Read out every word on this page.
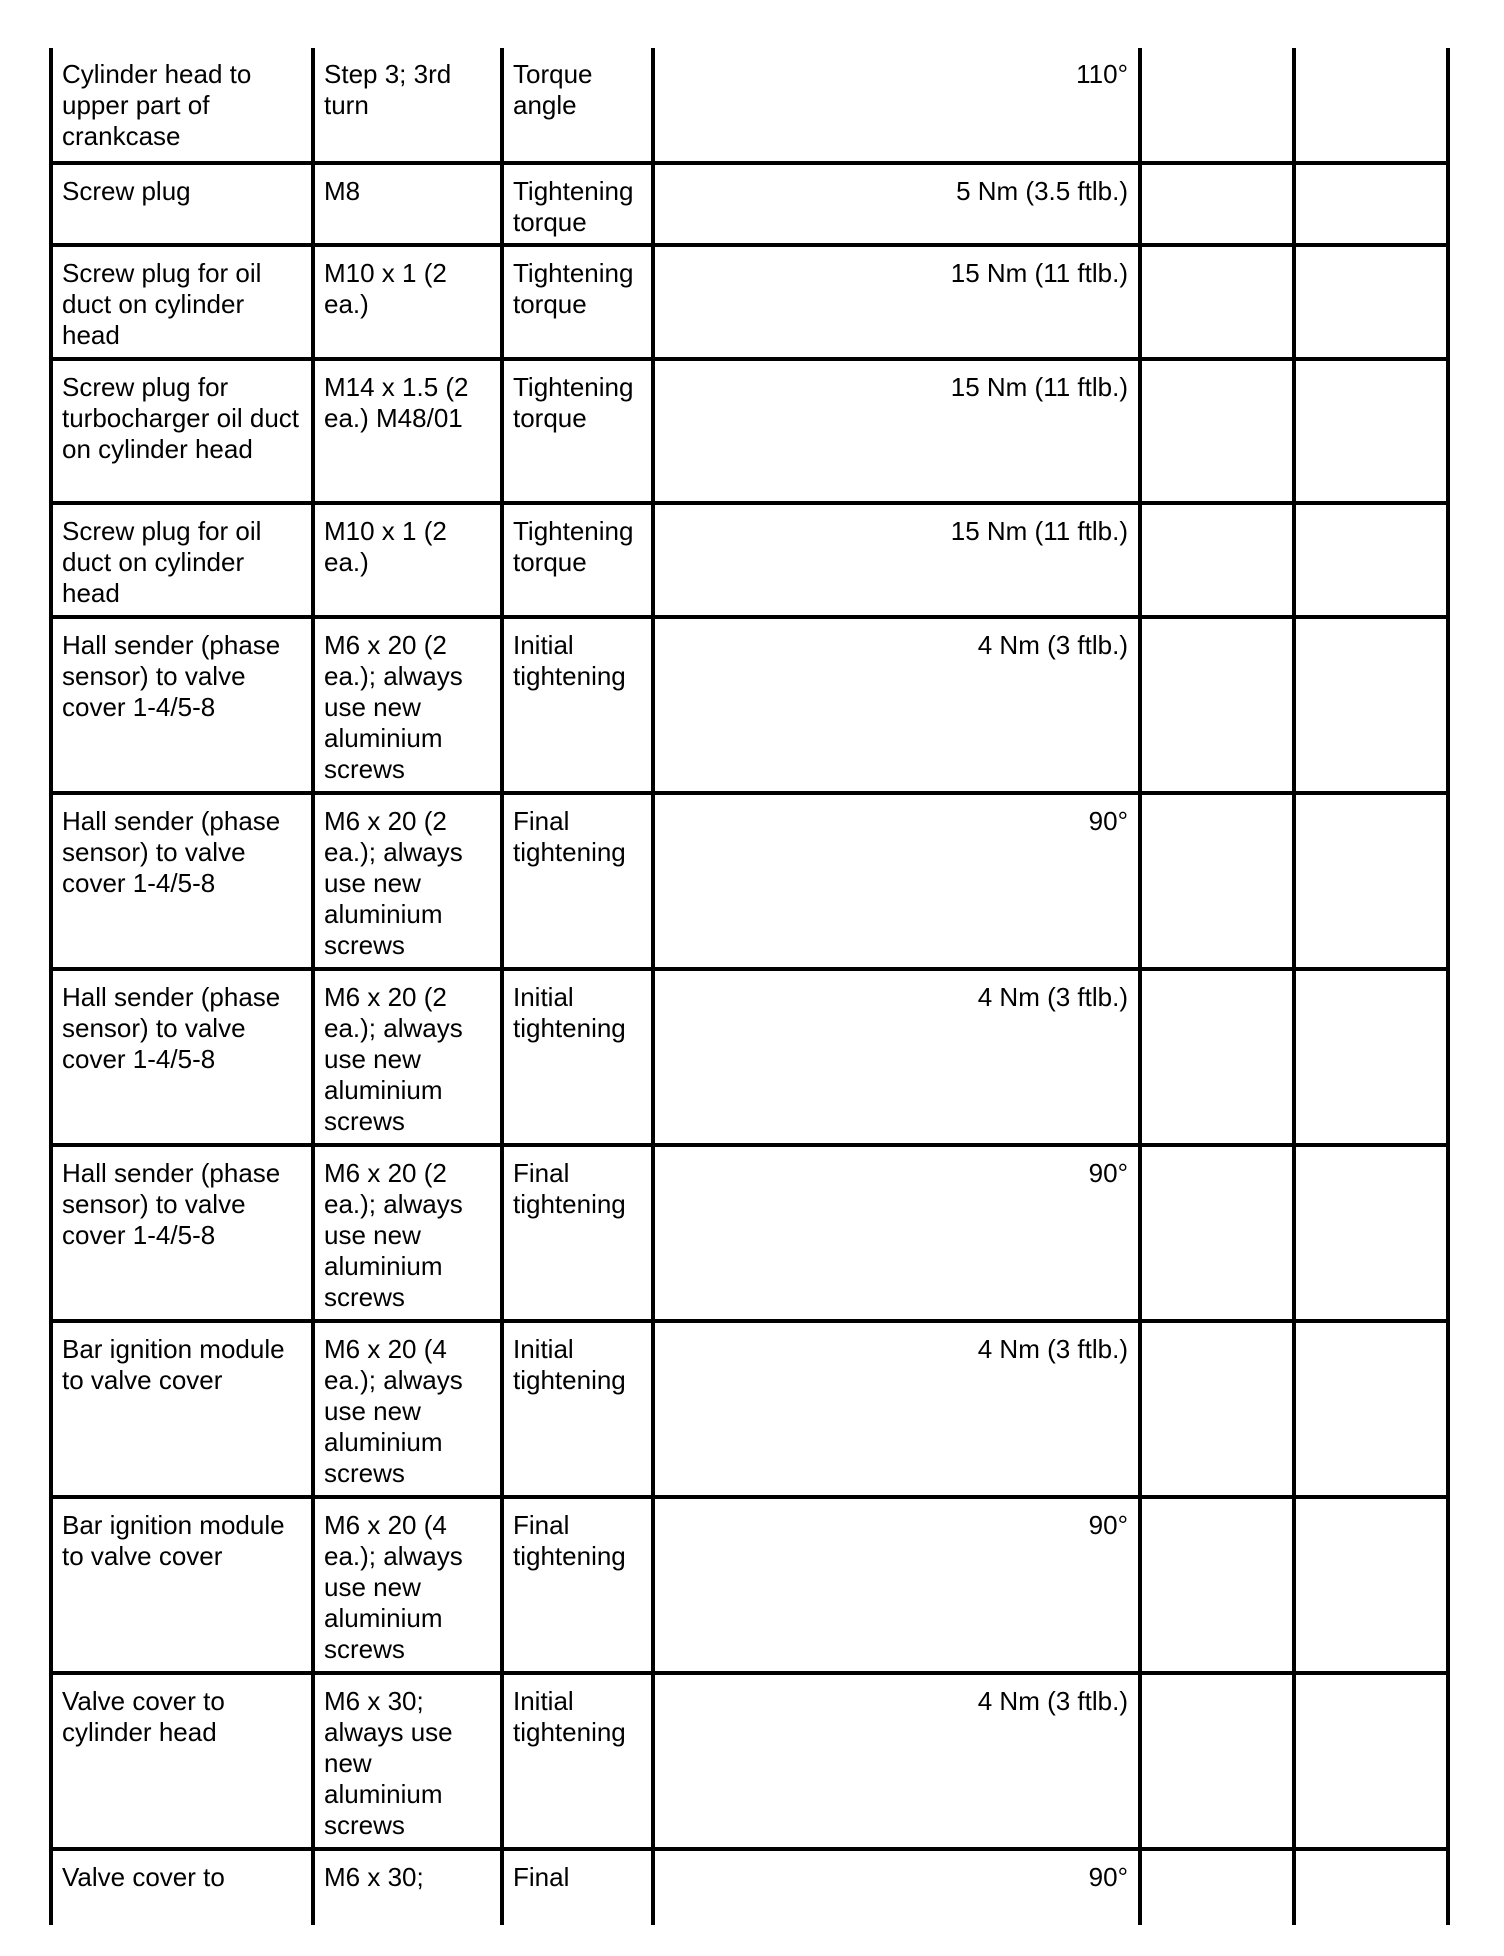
Cylinder head to upper part of crankcase	Step 3; 3rd turn	Torque angle	110°		
Screw plug	M8	Tightening torque	5 Nm (3.5 ftlb.)		
Screw plug for oil duct on cylinder head	M10 x 1 (2 ea.)	Tightening torque	15 Nm (11 ftlb.)		
Screw plug for turbocharger oil duct on cylinder head	M14 x 1.5 (2 ea.) M48/01	Tightening torque	15 Nm (11 ftlb.)		
Screw plug for oil duct on cylinder head	M10 x 1 (2 ea.)	Tightening torque	15 Nm (11 ftlb.)		
Hall sender (phase sensor) to valve cover 1-4/5-8	M6 x 20 (2 ea.); always use new aluminium screws	Initial tightening	4 Nm (3 ftlb.)		
Hall sender (phase sensor) to valve cover 1-4/5-8	M6 x 20 (2 ea.); always use new aluminium screws	Final tightening	90°		
Hall sender (phase sensor) to valve cover 1-4/5-8	M6 x 20 (2 ea.); always use new aluminium screws	Initial tightening	4 Nm (3 ftlb.)		
Hall sender (phase sensor) to valve cover 1-4/5-8	M6 x 20 (2 ea.); always use new aluminium screws	Final tightening	90°		
Bar ignition module to valve cover	M6 x 20 (4 ea.); always use new aluminium screws	Initial tightening	4 Nm (3 ftlb.)		
Bar ignition module to valve cover	M6 x 20 (4 ea.); always use new aluminium screws	Final tightening	90°		
Valve cover to cylinder head	M6 x 30; always use new aluminium screws	Initial tightening	4 Nm (3 ftlb.)		
Valve cover to	M6 x 30;	Final	90°		
